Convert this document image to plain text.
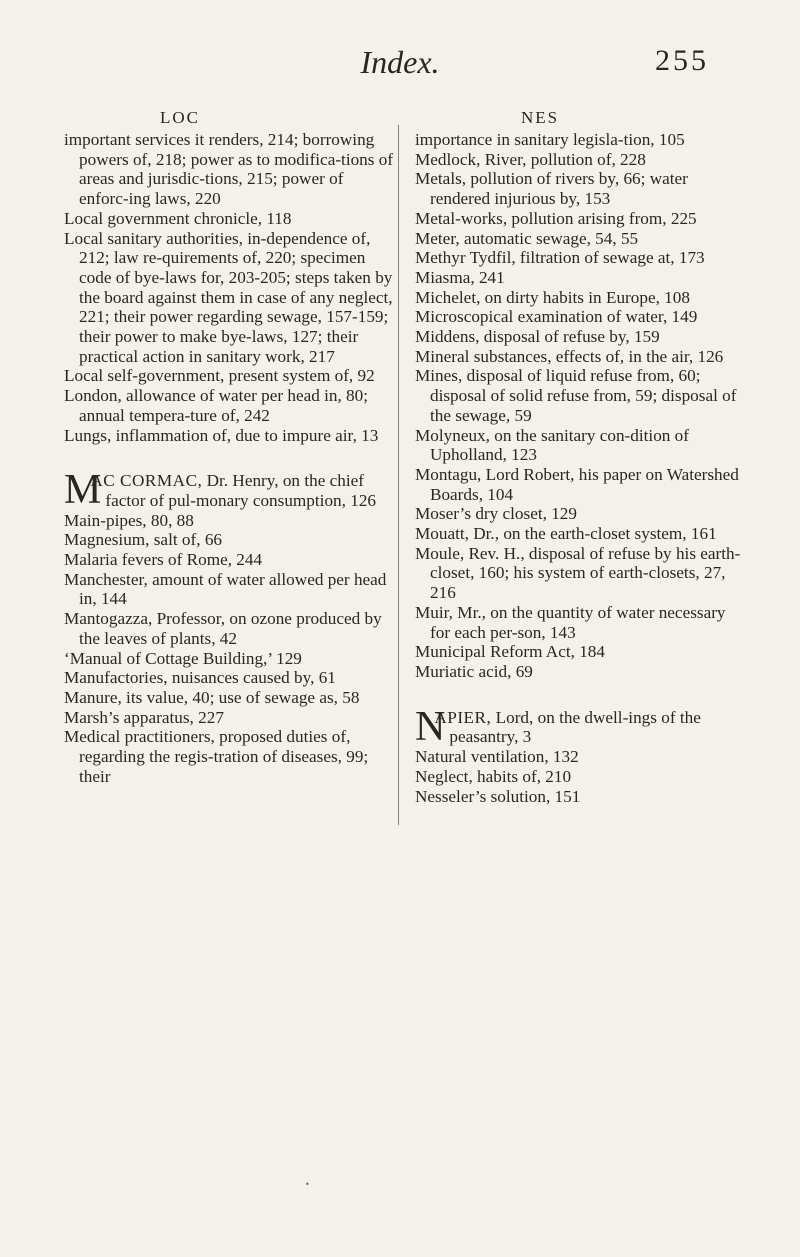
Index.	255
LOC	NES

important services it renders, 214; borrowing powers of, 218; power as to modifica-tions of areas and jurisdic-tions, 215; power of enforc-ing laws, 220

Local government chronicle, 118

Local sanitary authorities, in-dependence of, 212; law re-quirements of, 220; specimen code of bye-laws for, 203-205; steps taken by the board against them in case of any neglect, 221; their power regarding sewage, 157-159; their power to make bye-laws, 127; their practical action in sanitary work, 217

Local self-government, present system of, 92

London, allowance of water per head in, 80; annual tempera-ture of, 242

Lungs, inflammation of, due to impure air, 13

M
AC CORMAC, Dr. Henry, on the chief factor of pul-monary consumption, 126

Main-pipes, 80, 88

Magnesium, salt of, 66

Malaria fevers of Rome, 244

Manchester, amount of water allowed per head in, 144

Mantogazza, Professor, on ozone produced by the leaves of plants, 42

‘Manual of Cottage Building,’ 129

Manufactories, nuisances caused by, 61

Manure, its value, 40; use of sewage as, 58

Marsh’s apparatus, 227

Medical practitioners, proposed duties of, regarding the regis-tration of diseases, 99; their

importance in sanitary legisla-tion, 105

Medlock, River, pollution of, 228

Metals, pollution of rivers by, 66; water rendered injurious by, 153

Metal-works, pollution arising from, 225

Meter, automatic sewage, 54, 55

Methyr Tydfil, filtration of sewage at, 173

Miasma, 241

Michelet, on dirty habits in Europe, 108

Microscopical examination of water, 149

Middens, disposal of refuse by, 159

Mineral substances, effects of, in the air, 126

Mines, disposal of liquid refuse from, 60; disposal of solid refuse from, 59; disposal of the sewage, 59

Molyneux, on the sanitary con-dition of Upholland, 123

Montagu, Lord Robert, his paper on Watershed Boards, 104

Moser’s dry closet, 129

Mouatt, Dr., on the earth-closet system, 161

Moule, Rev. H., disposal of refuse by his earth-closet, 160; his system of earth-closets, 27, 216

Muir, Mr., on the quantity of water necessary for each per-son, 143

Municipal Reform Act, 184

Muriatic acid, 69

N
APIER, Lord, on the dwell-ings of the peasantry, 3

Natural ventilation, 132

Neglect, habits of, 210

Nesseler’s solution, 151

•
